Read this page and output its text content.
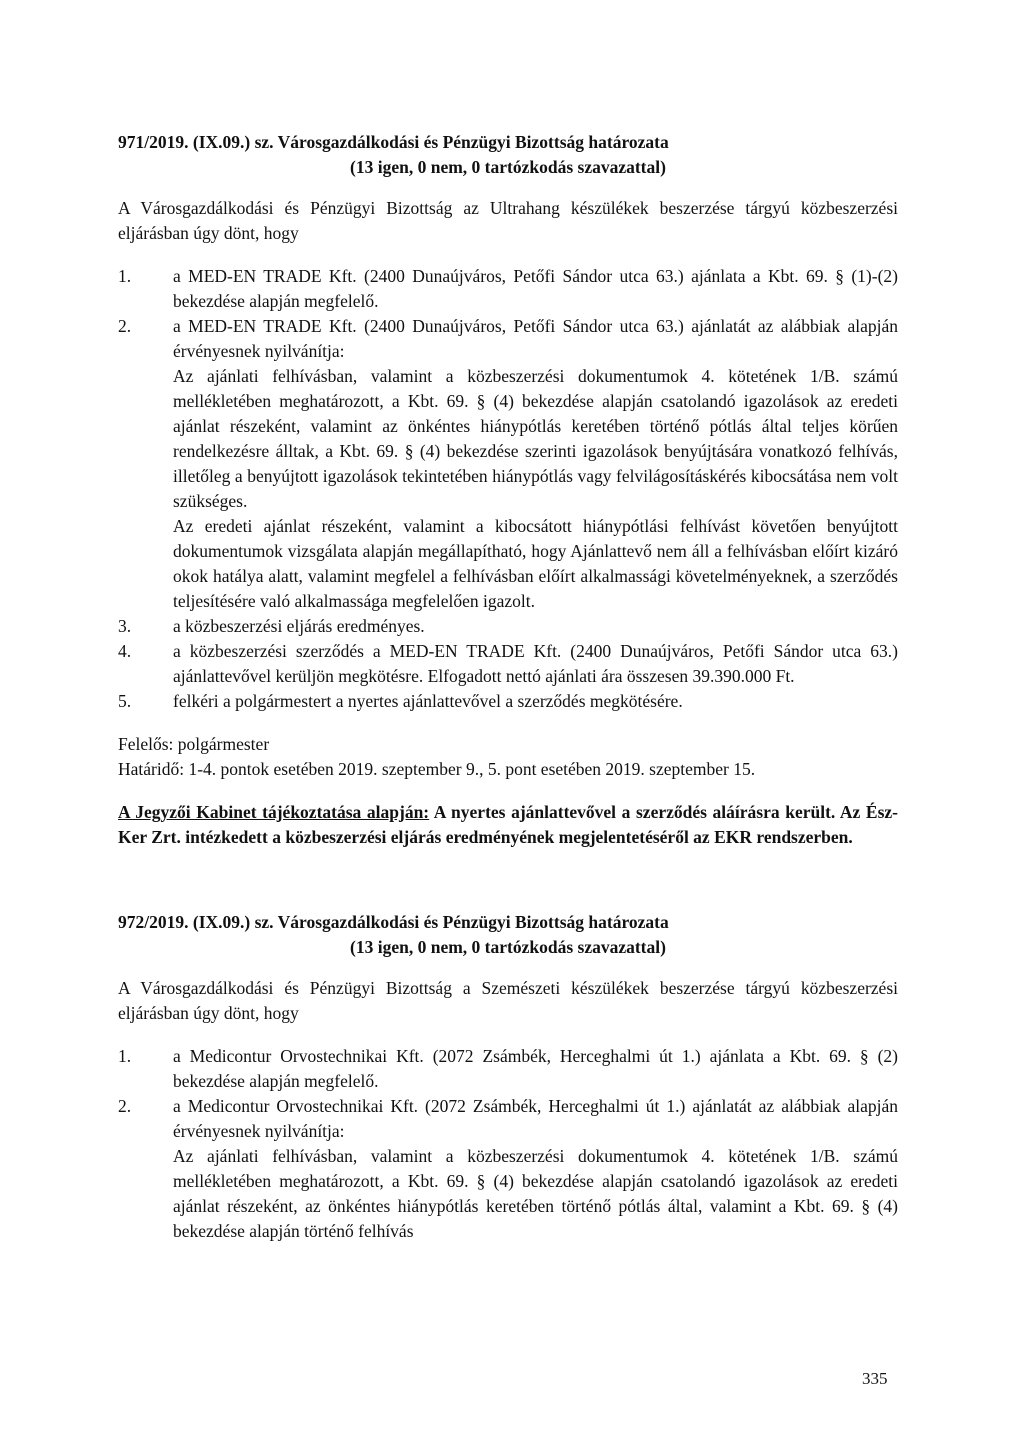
971/2019. (IX.09.) sz. Városgazdálkodási és Pénzügyi Bizottság határozata
(13 igen, 0 nem, 0 tartózkodás szavazattal)

A Városgazdálkodási és Pénzügyi Bizottság az Ultrahang készülékek beszerzése tárgyú közbeszerzési eljárásban úgy dönt, hogy

1.	a MED-EN TRADE Kft. (2400 Dunaújváros, Petőfi Sándor utca 63.) ajánlata a Kbt. 69. § (1)-(2) bekezdése alapján megfelelő.

2.	a MED-EN TRADE Kft. (2400 Dunaújváros, Petőfi Sándor utca 63.) ajánlatát az alábbiak alapján érvényesnek nyilvánítja:

Az ajánlati felhívásban, valamint a közbeszerzési dokumentumok 4. kötetének 1/B. számú mellékletében meghatározott, a Kbt. 69. § (4) bekezdése alapján csatolandó igazolások az eredeti ajánlat részeként, valamint az önkéntes hiánypótlás keretében történő pótlás által teljes körűen rendelkezésre álltak, a Kbt. 69. § (4) bekezdése szerinti igazolások benyújtására vonatkozó felhívás, illetőleg a benyújtott igazolások tekintetében hiánypótlás vagy felvilágosításkérés kibocsátása nem volt szükséges.

Az eredeti ajánlat részeként, valamint a kibocsátott hiánypótlási felhívást követően benyújtott dokumentumok vizsgálata alapján megállapítható, hogy Ajánlattevő nem áll a felhívásban előírt kizáró okok hatálya alatt, valamint megfelel a felhívásban előírt alkalmassági követelményeknek, a szerződés teljesítésére való alkalmassága megfelelően igazolt.

3.	a közbeszerzési eljárás eredményes.

4.	a közbeszerzési szerződés a MED-EN TRADE Kft. (2400 Dunaújváros, Petőfi Sándor utca 63.) ajánlattevővel kerüljön megkötésre. Elfogadott nettó ajánlati ára összesen 39.390.000 Ft.

5.	felkéri a polgármestert a nyertes ajánlattevővel a szerződés megkötésére.

Felelős: polgármester

Határidő: 1-4. pontok esetében 2019. szeptember 9., 5. pont esetében 2019. szeptember 15.

A Jegyzői Kabinet tájékoztatása alapján: A nyertes ajánlattevővel a szerződés aláírásra került. Az Ész-Ker Zrt. intézkedett a közbeszerzési eljárás eredményének megjelentetéséről az EKR rendszerben.

972/2019. (IX.09.) sz. Városgazdálkodási és Pénzügyi Bizottság határozata
(13 igen, 0 nem, 0 tartózkodás szavazattal)

A Városgazdálkodási és Pénzügyi Bizottság a Szemészeti készülékek beszerzése tárgyú közbeszerzési eljárásban úgy dönt, hogy

1.	a Medicontur Orvostechnikai Kft. (2072 Zsámbék, Herceghalmi út 1.) ajánlata a Kbt. 69. § (2) bekezdése alapján megfelelő.

2.	a Medicontur Orvostechnikai Kft. (2072 Zsámbék, Herceghalmi út 1.) ajánlatát az alábbiak alapján érvényesnek nyilvánítja:

Az ajánlati felhívásban, valamint a közbeszerzési dokumentumok 4. kötetének 1/B. számú mellékletében meghatározott, a Kbt. 69. § (4) bekezdése alapján csatolandó igazolások az eredeti ajánlat részeként, az önkéntes hiánypótlás keretében történő pótlás által, valamint a Kbt. 69. § (4) bekezdése alapján történő felhívás

335
